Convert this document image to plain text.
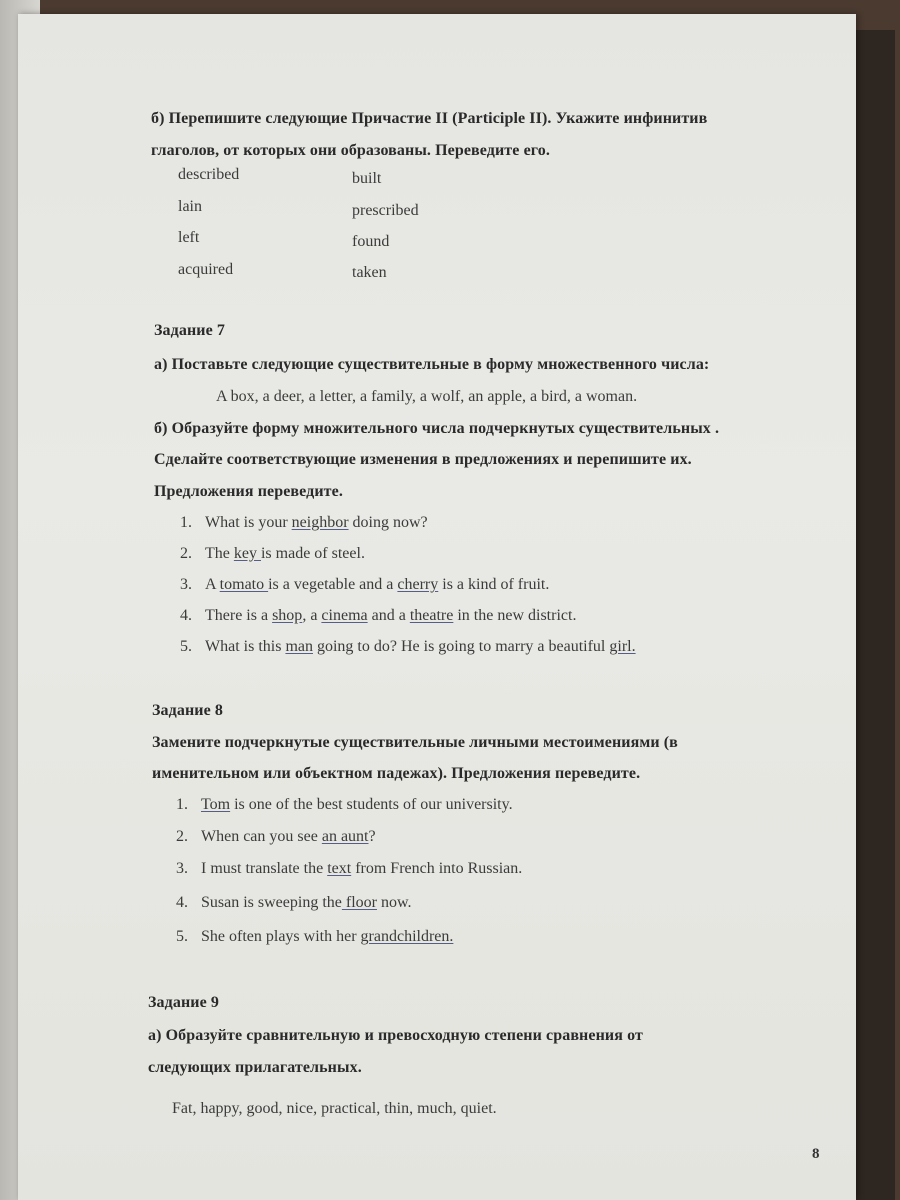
б) Перепишите следующие Причастие II (Participle II). Укажите инфинитив
глаголов, от которых они образованы. Переведите его.
described	built
lain	prescribed
left	found
acquired	taken
Задание 7
а) Поставьте следующие существительные в форму множественного числа:
A box, a deer, a letter, a family, a wolf, an apple, a bird, a woman.
б) Образуйте форму множительного числа подчеркнутых существительных .
Сделайте соответствующие изменения в предложениях и перепишите их.
Предложения переведите.
1. What is your neighbor doing now?
2. The key is made of steel.
3. A tomato is a vegetable and a cherry is a kind of fruit.
4. There is a shop, a cinema and a theatre in the new district.
5. What is this man going to do? He is going to marry a beautiful girl.
Задание 8
Замените подчеркнутые существительные личными местоимениями (в
именительном или объектном падежах). Предложения переведите.
1. Tom is one of the best students of our university.
2. When can you see an aunt?
3. I must translate the text from French into Russian.
4. Susan is sweeping the floor now.
5. She often plays with her grandchildren.
Задание 9
а) Образуйте сравнительную и превосходную степени сравнения от
следующих прилагательных.
Fat, happy, good, nice, practical, thin, much, quiet.
8
